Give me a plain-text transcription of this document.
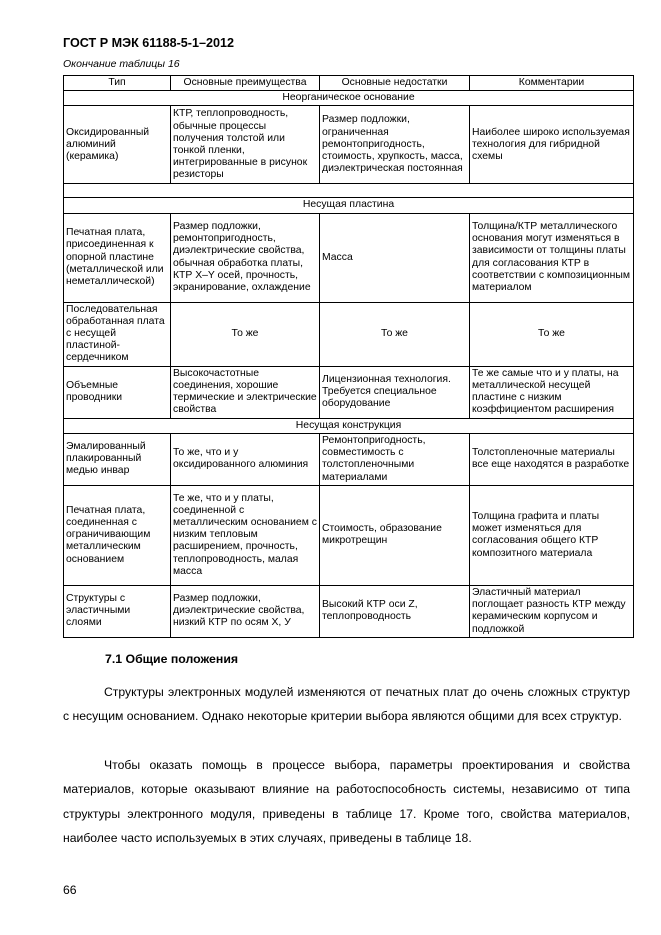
ГОСТ Р МЭК 61188-5-1–2012
Окончание таблицы 16
Тип	Основные преимущества	Основные недостатки	Комментарии
Неорганическое основание			
Оксидированный алюминий (керамика)	КТР, теплопроводность, обычные процессы получения толстой или тонкой пленки, интегрированные в рисунок резисторы	Размер подложки, ограниченная ремонтопригодность, стоимость, хрупкость, масса, диэлектрическая постоянная	Наиболее широко используемая технология для гибридной схемы

Несущая пластина			
Печатная плата, присоединенная к опорной пластине (металлической или неметаллической)	Размер подложки, ремонтопригодность, диэлектрические свойства, обычная обработка платы, КТР X–Y осей, прочность, экранирование, охлаждение	Масса	Толщина/КТР металлического основания могут изменяться в зависимости от толщины платы для согласования КТР в соответствии с композиционным материалом
Последовательная обработанная плата с несущей пластиной-сердечником	То же	То же	То же
Объемные проводники	Высокочастотные соединения, хорошие термические и электрические свойства	Лицензионная технология. Требуется специальное оборудование	Те же самые что и у платы, на металлической несущей пластине с низким коэффициентом расширения
Несущая конструкция			
Эмалированный плакированный медью инвар	То же, что и у оксидированного алюминия	Ремонтопригодность, совместимость с толстопленочными материалами	Толстопленочные материалы все еще находятся в разработке
Печатная плата, соединенная с ограничивающим металлическим основанием	Те же, что и у платы, соединенной с металлическим основанием с низким тепловым расширением, прочность, теплопроводность, малая масса	Стоимость, образование микротрещин	Толщина графита и платы может изменяться для согласования общего КТР композитного материала
Структуры с эластичными слоями	Размер подложки, диэлектрические свойства, низкий КТР по осям X, У	Высокий КТР оси Z, теплопроводность	Эластичный материал поглощает разность КТР между керамическим корпусом и подложкой
7.1 Общие положения
Структуры электронных модулей изменяются от печатных плат до очень сложных структур с несущим основанием. Однако некоторые критерии выбора являются общими для всех структур.
Чтобы оказать помощь в процессе выбора, параметры проектирования и свойства материалов, которые оказывают влияние на работоспособность системы, независимо от типа структуры электронного модуля, приведены в таблице 17. Кроме того, свойства материалов, наиболее часто используемых в этих случаях, приведены в таблице 18.
66
